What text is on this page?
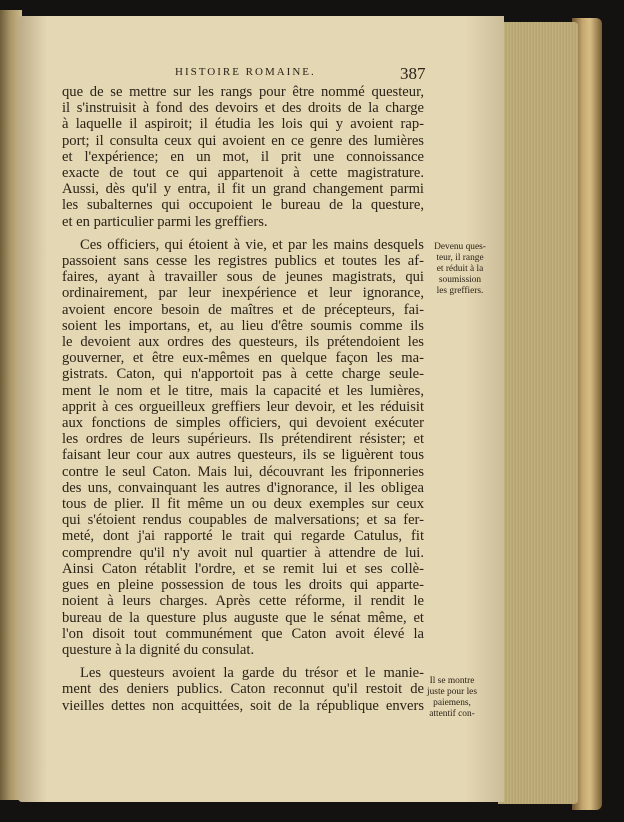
HISTOIRE ROMAINE.	387
que de se mettre sur les rangs pour être nommé questeur,
il s'instruisit à fond des devoirs et des droits de la charge
à laquelle il aspiroit; il étudia les lois qui y avoient rap-
port; il consulta ceux qui avoient en ce genre des lumières
et l'expérience; en un mot, il prit une connoissance
exacte de tout ce qui appartenoit à cette magistrature.
Aussi, dès qu'il y entra, il fit un grand changement parmi
les subalternes qui occupoient le bureau de la questure,
et en particulier parmi les greffiers.
Ces officiers, qui étoient à vie, et par les mains desquels
passoient sans cesse les registres publics et toutes les af-
faires, ayant à travailler sous de jeunes magistrats, qui
ordinairement, par leur inexpérience et leur ignorance,
avoient encore besoin de maîtres et de précepteurs, fai-
soient les importans, et, au lieu d'être soumis comme ils
le devoient aux ordres des questeurs, ils prétendoient les
gouverner, et être eux-mêmes en quelque façon les ma-
gistrats. Caton, qui n'apportoit pas à cette charge seule-
ment le nom et le titre, mais la capacité et les lumières,
apprit à ces orgueilleux greffiers leur devoir, et les réduisit
aux fonctions de simples officiers, qui devoient exécuter
les ordres de leurs supérieurs. Ils prétendirent résister; et
faisant leur cour aux autres questeurs, ils se liguèrent tous
contre le seul Caton. Mais lui, découvrant les friponneries
des uns, convainquant les autres d'ignorance, il les obligea
tous de plier. Il fit même un ou deux exemples sur ceux
qui s'étoient rendus coupables de malversations; et sa fer-
meté, dont j'ai rapporté le trait qui regarde Catulus, fit
comprendre qu'il n'y avoit nul quartier à attendre de lui.
Ainsi Caton rétablit l'ordre, et se remit lui et ses collè-
gues en pleine possession de tous les droits qui apparte-
noient à leurs charges. Après cette réforme, il rendit le
bureau de la questure plus auguste que le sénat même, et
l'on disoit tout communément que Caton avoit élevé la
questure à la dignité du consulat.
Les questeurs avoient la garde du trésor et le manie-
ment des deniers publics. Caton reconnut qu'il restoit de
vieilles dettes non acquittées, soit de la république envers
Devenu ques-
teur, il range
et réduit à la
soumission
les greffiers.
Il se montre
juste pour les
paiemens,
attentif con-
